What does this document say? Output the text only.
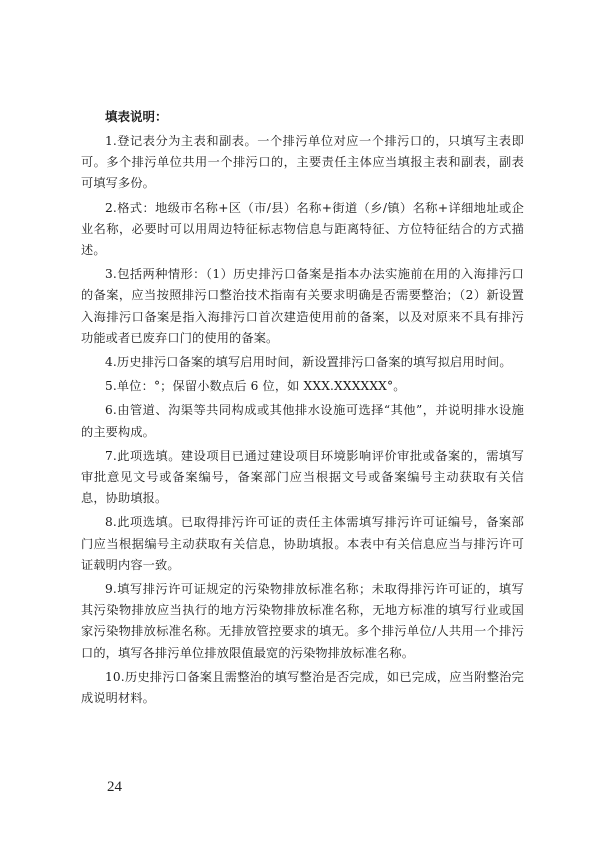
填表说明：

1.登记表分为主表和副表。一个排污单位对应一个排污口的，只填写主表即可。多个排污单位共用一个排污口的，主要责任主体应当填报主表和副表，副表可填写多份。

2.格式：地级市名称+区（市/县）名称+街道（乡/镇）名称+详细地址或企业名称，必要时可以用周边特征标志物信息与距离特征、方位特征结合的方式描述。

3.包括两种情形：（1）历史排污口备案是指本办法实施前在用的入海排污口的备案，应当按照排污口整治技术指南有关要求明确是否需要整治；（2）新设置入海排污口备案是指入海排污口首次建造使用前的备案，以及对原来不具有排污功能或者已废弃口门的使用的备案。

4.历史排污口备案的填写启用时间，新设置排污口备案的填写拟启用时间。

5.单位：°；保留小数点后 6 位，如 XXX.XXXXXX°。

6.由管道、沟渠等共同构成或其他排水设施可选择“其他”，并说明排水设施的主要构成。

7.此项选填。建设项目已通过建设项目环境影响评价审批或备案的，需填写审批意见文号或备案编号，备案部门应当根据文号或备案编号主动获取有关信息，协助填报。

8.此项选填。已取得排污许可证的责任主体需填写排污许可证编号，备案部门应当根据编号主动获取有关信息，协助填报。本表中有关信息应当与排污许可证载明内容一致。

9.填写排污许可证规定的污染物排放标准名称；未取得排污许可证的，填写其污染物排放应当执行的地方污染物排放标准名称，无地方标准的填写行业或国家污染物排放标准名称。无排放管控要求的填无。多个排污单位/人共用一个排污口的，填写各排污单位排放限值最宽的污染物排放标准名称。

10.历史排污口备案且需整治的填写整治是否完成，如已完成，应当附整治完成说明材料。

24
